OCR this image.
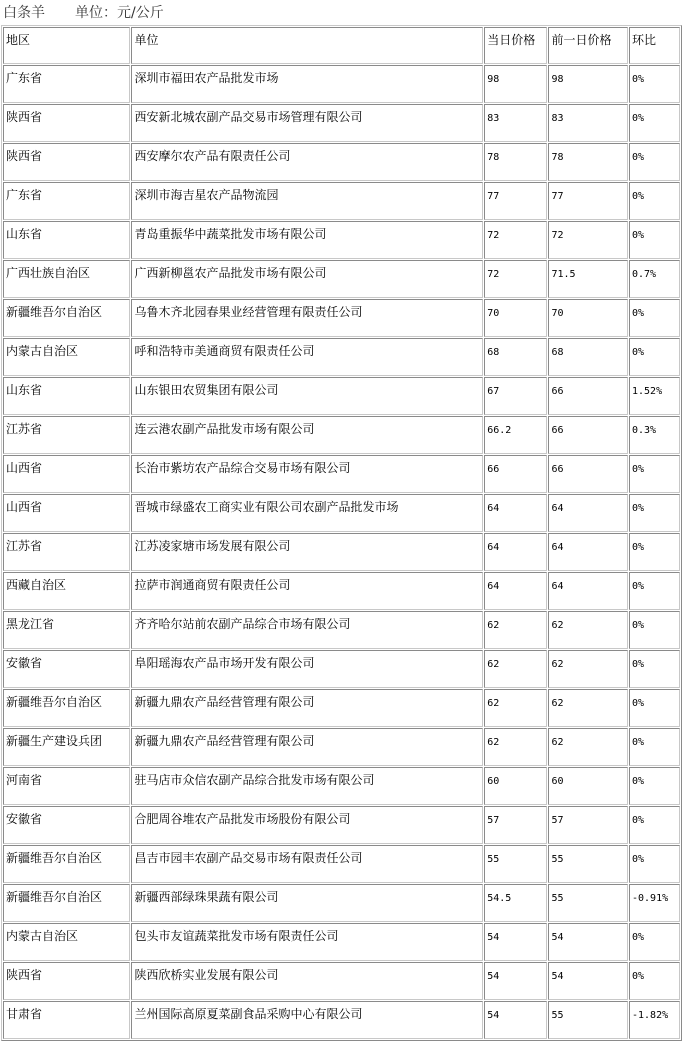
白条羊 单位：元/公斤
地区	单位	当日价格	前一日价格	环比
广东省	深圳市福田农产品批发市场	98	98	0%
陕西省	西安新北城农副产品交易市场管理有限公司	83	83	0%
陕西省	西安摩尔农产品有限责任公司	78	78	0%
广东省	深圳市海吉星农产品物流园	77	77	0%
山东省	青岛重振华中蔬菜批发市场有限公司	72	72	0%
广西壮族自治区	广西新柳邕农产品批发市场有限公司	72	71.5	0.7%
新疆维吾尔自治区	乌鲁木齐北园春果业经营管理有限责任公司	70	70	0%
内蒙古自治区	呼和浩特市美通商贸有限责任公司	68	68	0%
山东省	山东银田农贸集团有限公司	67	66	1.52%
江苏省	连云港农副产品批发市场有限公司	66.2	66	0.3%
山西省	长治市紫坊农产品综合交易市场有限公司	66	66	0%
山西省	晋城市绿盛农工商实业有限公司农副产品批发市场	64	64	0%
江苏省	江苏凌家塘市场发展有限公司	64	64	0%
西藏自治区	拉萨市润通商贸有限责任公司	64	64	0%
黑龙江省	齐齐哈尔站前农副产品综合市场有限公司	62	62	0%
安徽省	阜阳瑶海农产品市场开发有限公司	62	62	0%
新疆维吾尔自治区	新疆九鼎农产品经营管理有限公司	62	62	0%
新疆生产建设兵团	新疆九鼎农产品经营管理有限公司	62	62	0%
河南省	驻马店市众信农副产品综合批发市场有限公司	60	60	0%
安徽省	合肥周谷堆农产品批发市场股份有限公司	57	57	0%
新疆维吾尔自治区	昌吉市园丰农副产品交易市场有限责任公司	55	55	0%
新疆维吾尔自治区	新疆西部绿珠果蔬有限公司	54.5	55	-0.91%
内蒙古自治区	包头市友谊蔬菜批发市场有限责任公司	54	54	0%
陕西省	陕西欣桥实业发展有限公司	54	54	0%
甘肃省	兰州国际高原夏菜副食品采购中心有限公司	54	55	-1.82%
